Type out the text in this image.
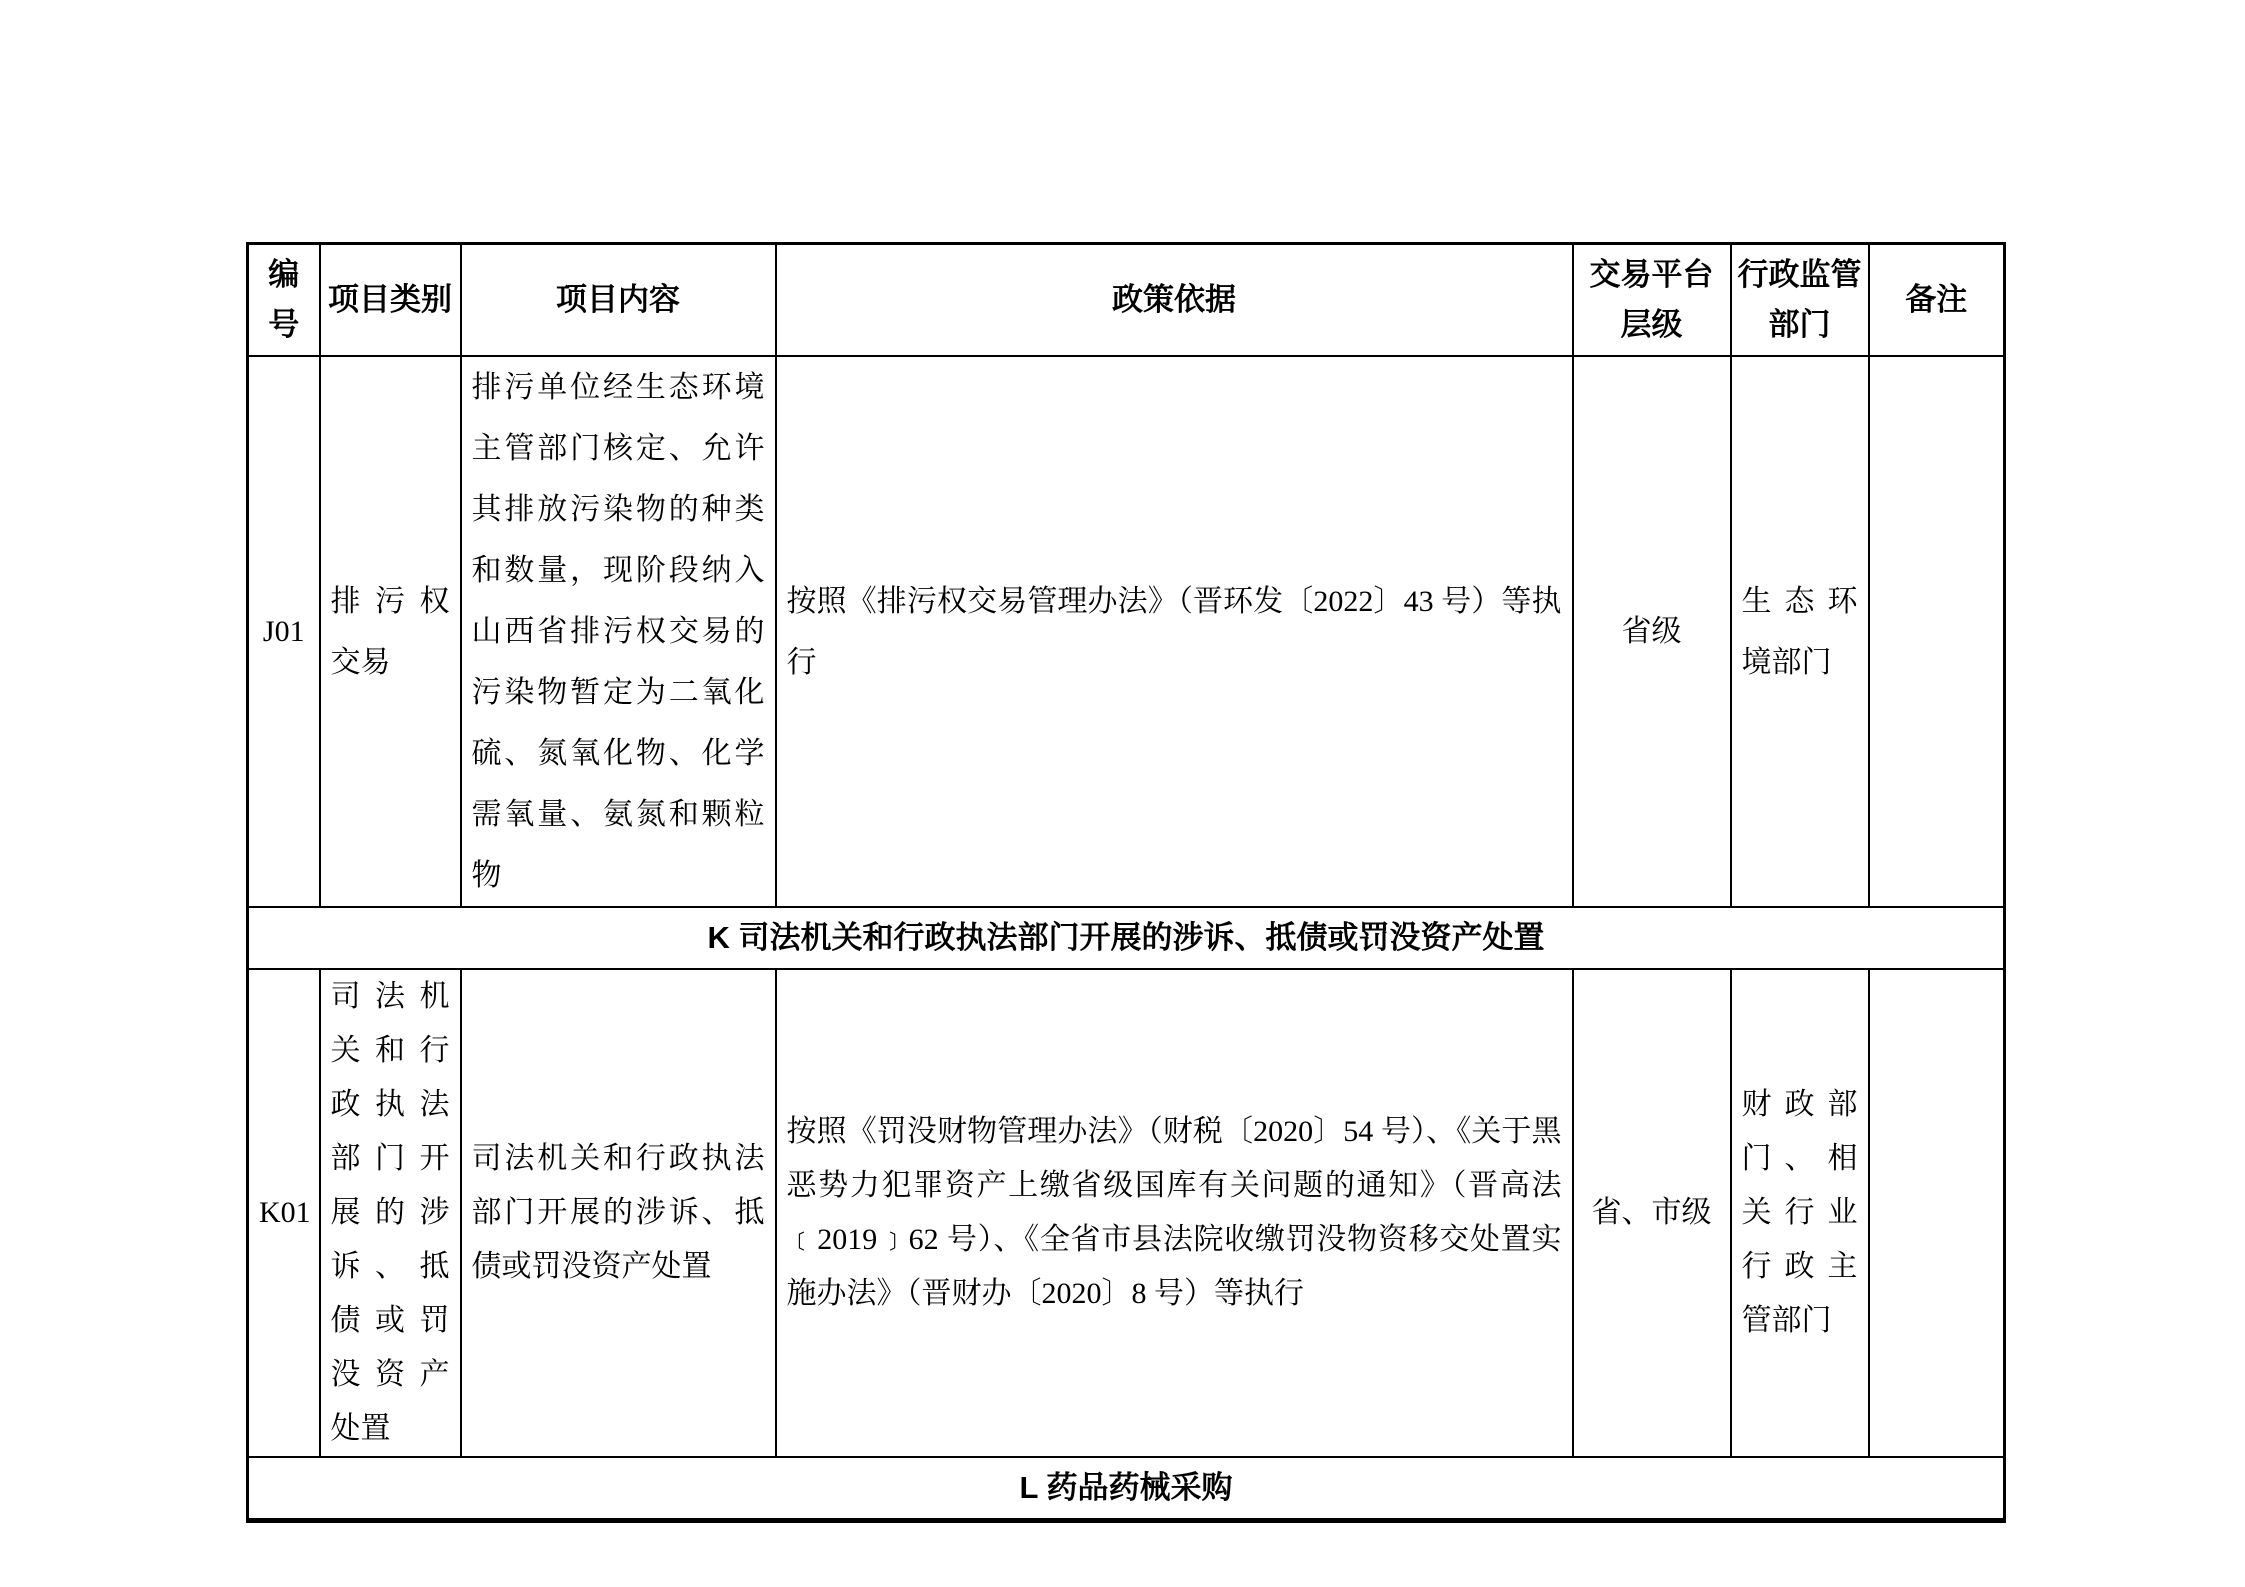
编号	项目类别	项目内容	政策依据	交易平台层级	行政监管部门	备注
J01	排污权交易	排污单位经生态环境主管部门核定、允许其排放污染物的种类和数量，现阶段纳入山西省排污权交易的污染物暂定为二氧化硫、氮氧化物、化学需氧量、氨氮和颗粒物	按照《排污权交易管理办法》（晋环发〔2022〕43 号）等执行	省级	生态环境部门	
K 司法机关和行政执法部门开展的涉诉、抵债或罚没资产处置						
K01	司法机关和行政执法部门开展的涉诉、抵债或罚没资产处置	司法机关和行政执法部门开展的涉诉、抵债或罚没资产处置	按照《罚没财物管理办法》（财税〔2020〕54 号）、《关于黑恶势力犯罪资产上缴省级国库有关问题的通知》（晋高法﹝2019﹞62 号）、《全省市县法院收缴罚没物资移交处置实施办法》（晋财办〔2020〕8 号）等执行	省、市级	财政部门、相关行业行政主管部门	
L 药品药械采购						
